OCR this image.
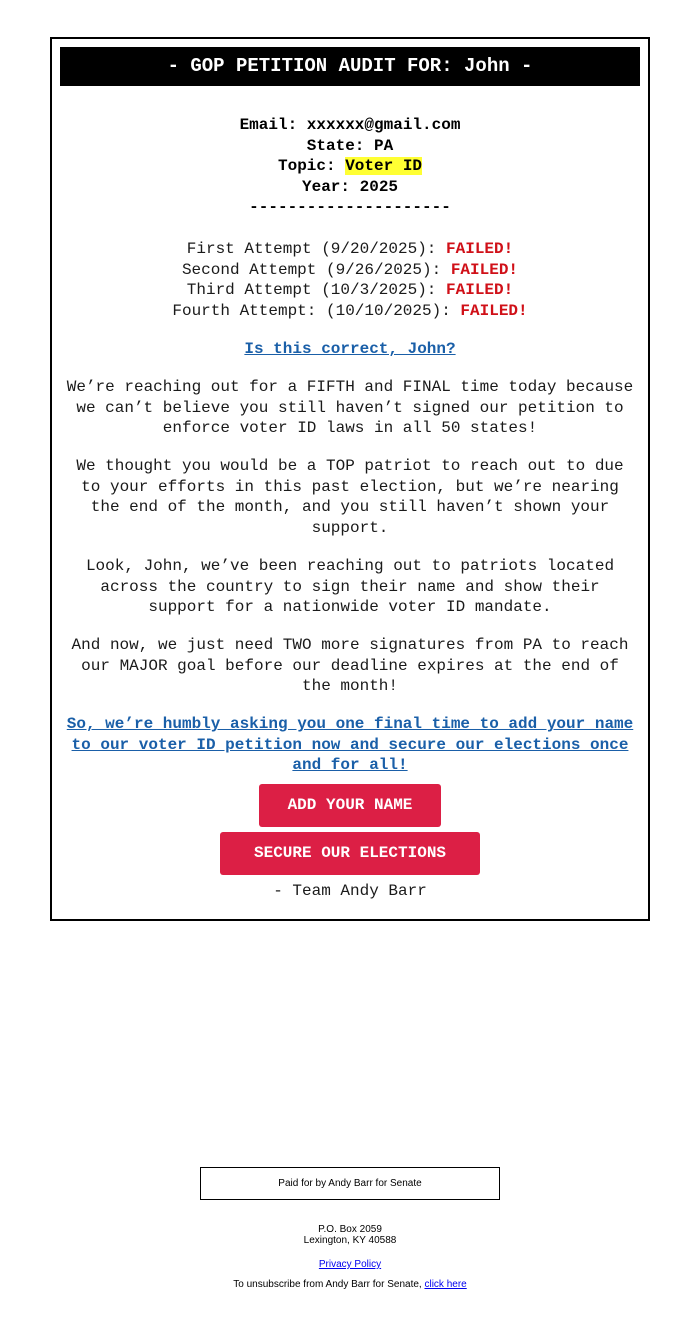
- GOP PETITION AUDIT FOR: John -
Email: xxxxxx@gmail.com
State: PA
Topic: Voter ID
Year: 2025
---------------------
First Attempt (9/20/2025): FAILED!
Second Attempt (9/26/2025): FAILED!
Third Attempt (10/3/2025): FAILED!
Fourth Attempt: (10/10/2025): FAILED!
Is this correct, John?
We’re reaching out for a FIFTH and FINAL time today because we can’t believe you still haven’t signed our petition to enforce voter ID laws in all 50 states!
We thought you would be a TOP patriot to reach out to due to your efforts in this past election, but we’re nearing the end of the month, and you still haven’t shown your support.
Look, John, we’ve been reaching out to patriots located across the country to sign their name and show their support for a nationwide voter ID mandate.
And now, we just need TWO more signatures from PA to reach our MAJOR goal before our deadline expires at the end of the month!
So, we’re humbly asking you one final time to add your name to our voter ID petition now and secure our elections once and for all!
ADD YOUR NAME
SECURE OUR ELECTIONS
- Team Andy Barr
Paid for by Andy Barr for Senate
P.O. Box 2059
Lexington, KY 40588
Privacy Policy
To unsubscribe from Andy Barr for Senate, click here
